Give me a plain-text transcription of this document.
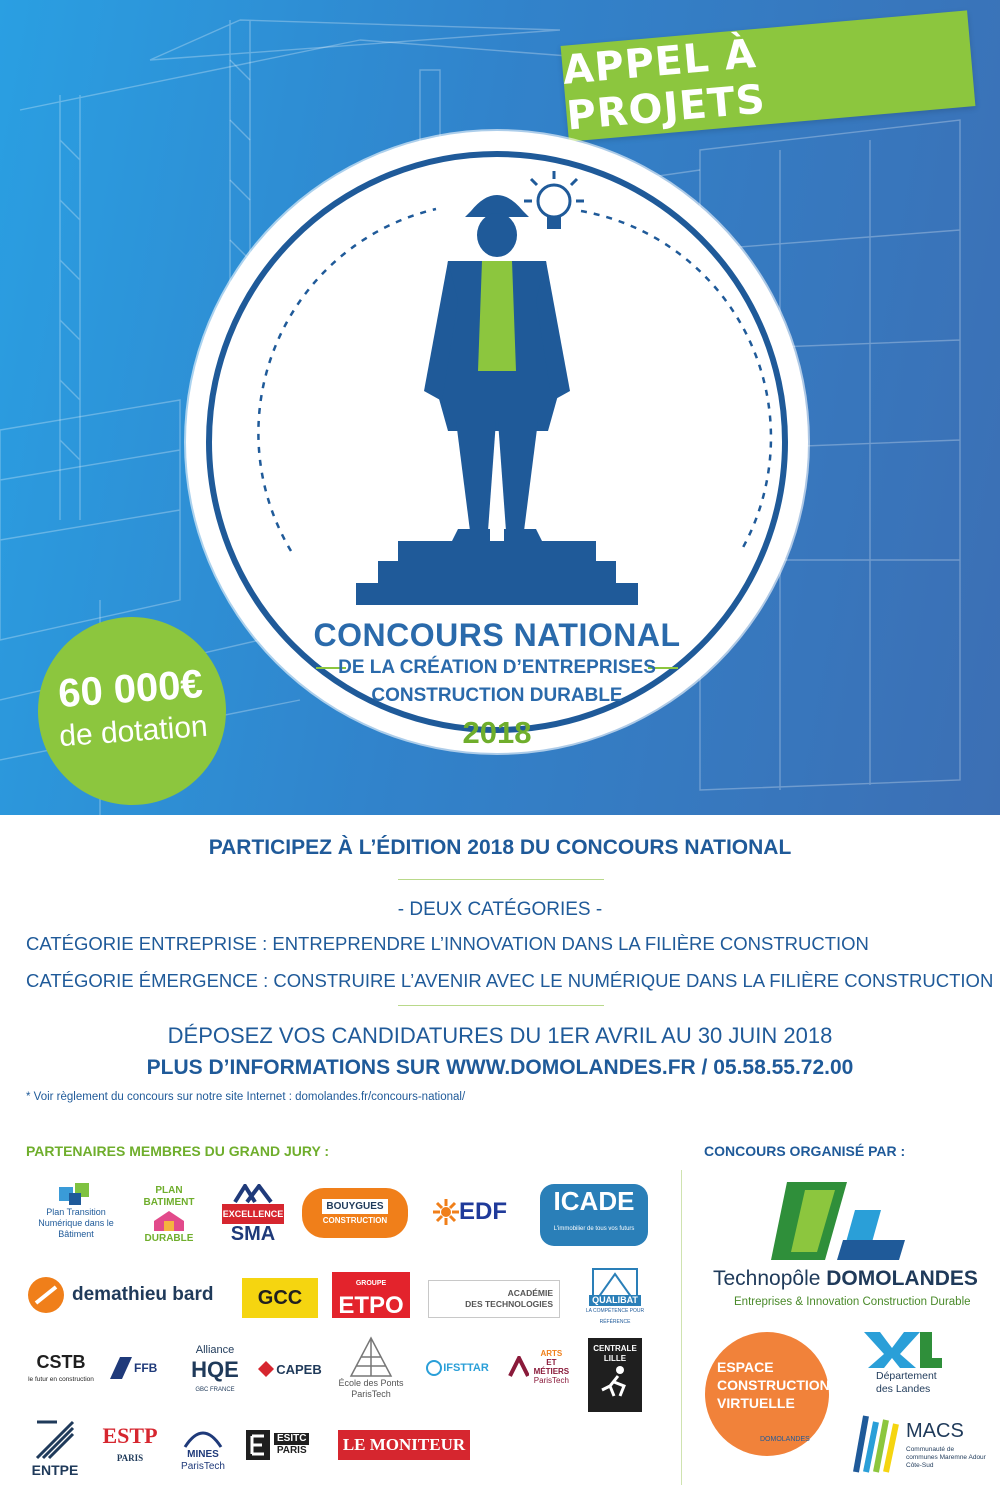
APPEL À PROJETS
CONCOURS NATIONAL
DE LA CRÉATION D’ENTREPRISES
CONSTRUCTION DURABLE
2018
60 000€
de dotation
PARTICIPEZ À L’ÉDITION 2018 DU CONCOURS NATIONAL
- DEUX CATÉGORIES -
CATÉGORIE ENTREPRISE : ENTREPRENDRE L’INNOVATION DANS LA FILIÈRE CONSTRUCTION
CATÉGORIE ÉMERGENCE : CONSTRUIRE L’AVENIR AVEC LE NUMÉRIQUE DANS LA FILIÈRE CONSTRUCTION
DÉPOSEZ VOS CANDIDATURES DU 1ER AVRIL AU 30 JUIN 2018
PLUS D’INFORMATIONS SUR WWW.DOMOLANDES.FR / 05.58.55.72.00
* Voir règlement du concours sur notre site Internet : domolandes.fr/concours-national/
PARTENAIRES MEMBRES DU GRAND JURY :	CONCOURS ORGANISÉ PAR :
Plan Transition Numérique dans le Bâtiment
PLAN BATIMENT
DURABLE
EXCELLENCE
SMA
BOUYGUES
CONSTRUCTION	EDF ICADE
L'immobilier de tous vos futurs
demathieu bard GCC
GROUPE
ETPO	ACADÉMIE
DES TECHNOLOGIES	QUALIBAT
LA COMPÉTENCE POUR RÉFÉRENCE
CSTB
le futur en construction
FFB
Alliance
HQE
GBC FRANCE
CAPEB
École des Ponts
ParisTech
IFSTTAR
ARTS
ET MÉTIERS
ParisTech
CENTRALE
LILLE
ENTPE
ESTP
PARIS	MINES
ParisTech
ESITC
PARIS LE MONITEUR
Technopôle DOMOLANDES
Entreprises & Innovation Construction Durable
ESPACE
CONSTRUCTION
VIRTUELLE
DOMOLANDES
Département
des Landes
MACS
Communauté de communes Maremne Adour Côte-Sud
